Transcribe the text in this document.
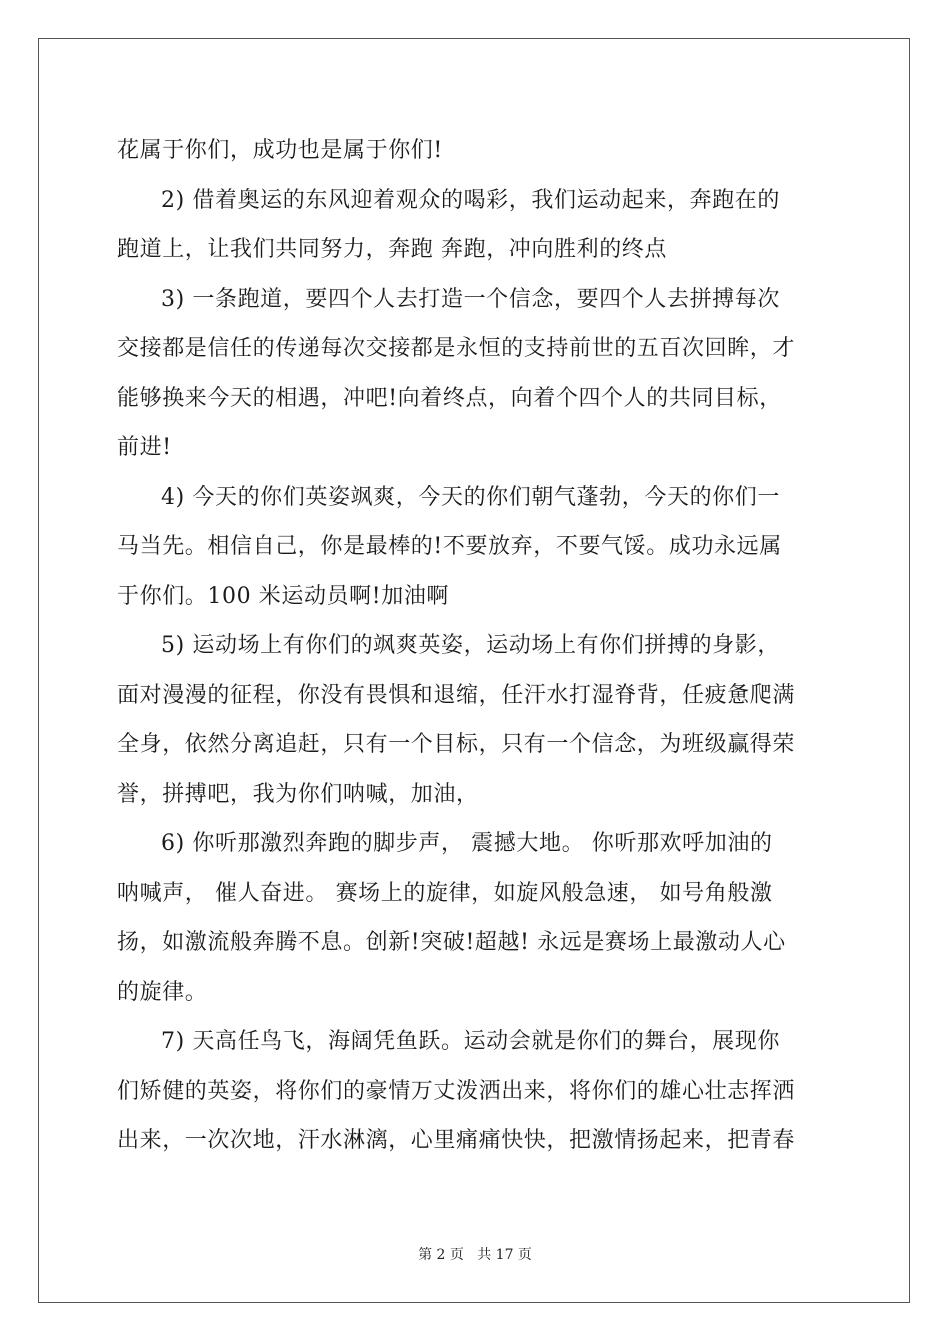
花属于你们，成功也是属于你们!
2) 借着奥运的东风迎着观众的喝彩，我们运动起来，奔跑在的
跑道上，让我们共同努力，奔跑 奔跑，冲向胜利的终点
3) 一条跑道，要四个人去打造一个信念，要四个人去拼搏每次
交接都是信任的传递每次交接都是永恒的支持前世的五百次回眸，才
能够换来今天的相遇，冲吧!向着终点，向着个四个人的共同目标，
前进!
4) 今天的你们英姿飒爽，今天的你们朝气蓬勃，今天的你们一
马当先。相信自己，你是最棒的!不要放弃，不要气馁。成功永远属
于你们。100 米运动员啊!加油啊
5) 运动场上有你们的飒爽英姿，运动场上有你们拼搏的身影，
面对漫漫的征程，你没有畏惧和退缩，任汗水打湿脊背，任疲惫爬满
全身，依然分离追赶，只有一个目标，只有一个信念，为班级赢得荣
誉，拼搏吧，我为你们呐喊，加油，
6) 你听那激烈奔跑的脚步声， 震撼大地。 你听那欢呼加油的
呐喊声， 催人奋进。 赛场上的旋律，如旋风般急速， 如号角般激
扬，如激流般奔腾不息。创新!突破!超越! 永远是赛场上最激动人心
的旋律。
7) 天高任鸟飞，海阔凭鱼跃。运动会就是你们的舞台，展现你
们矫健的英姿，将你们的豪情万丈泼洒出来，将你们的雄心壮志挥洒
出来，一次次地，汗水淋漓，心里痛痛快快，把激情扬起来，把青春
第 2 页   共 17 页
